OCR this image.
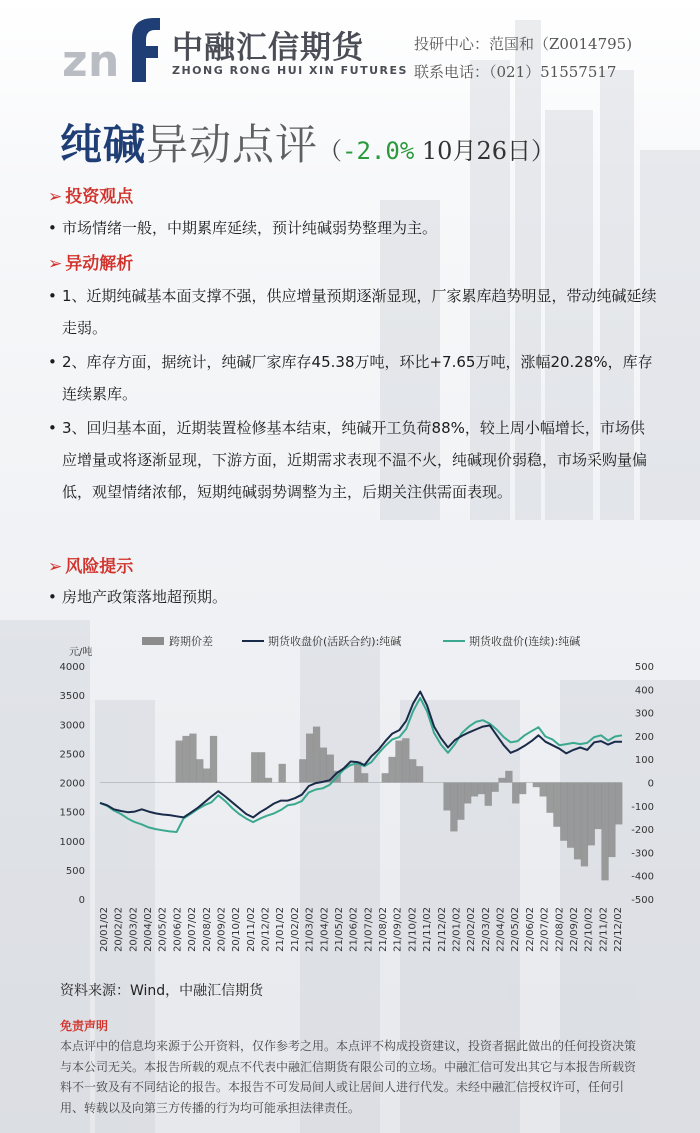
z n 中融汇信期货
ZHONG RONG HUI XIN FUTURES
投研中心：范国和（Z0014795)
联系电话：（021）51557517
纯碱异动点评（-2.0% 10月26日）
➢ 投资观点
• 市场情绪一般，中期累库延续，预计纯碱弱势整理为主。
➢ 异动解析
• 1、近期纯碱基本面支撑不强，供应增量预期逐渐显现，厂家累库趋势明显，带动纯碱延续走弱。
• 2、库存方面，据统计，纯碱厂家库存45.38万吨，环比+7.65万吨，涨幅20.28%，库存连续累库。
• 3、回归基本面，近期装置检修基本结束，纯碱开工负荷88%，较上周小幅增长，市场供应增量或将逐渐显现，下游方面，近期需求表现不温不火，纯碱现价弱稳，市场采购量偏低，观望情绪浓郁，短期纯碱弱势调整为主，后期关注供需面表现。
➢ 风险提示
• 房地产政策落地超预期。
元/吨
4000
3500
3000
2500
2000
1500
1000
500
0
500
400
300
200
100
0
-100
-200
-300
-400
-500
20/01/02 20/02/02 20/03/02 20/04/02 20/05/02 20/06/02 20/07/02 20/08/02 20/09/02 20/10/02 20/11/02 20/12/02 21/01/02 21/02/02 21/03/02 21/04/02 21/05/02 21/06/02 21/07/02 21/08/02 21/09/02 21/10/02 21/11/02 21/12/02 22/01/02 22/02/02 22/03/02 22/04/02 22/05/02 22/06/02 22/07/02 22/08/02 22/09/02 22/10/02 22/11/02 22/12/02
跨期价差	期货收盘价(活跃合约):纯碱	期货收盘价(连续):纯碱
资料来源：Wind，中融汇信期货
免责声明
本点评中的信息均来源于公开资料，仅作参考之用。本点评不构成投资建议，投资者据此做出的任何投资决策与本公司无关。本报告所载的观点不代表中融汇信期货有限公司的立场。中融汇信可发出其它与本报告所载资料不一致及有不同结论的报告。本报告不可发局间人或让居间人进行代发。未经中融汇信授权许可，任何引用、转载以及向第三方传播的行为均可能承担法律责任。
